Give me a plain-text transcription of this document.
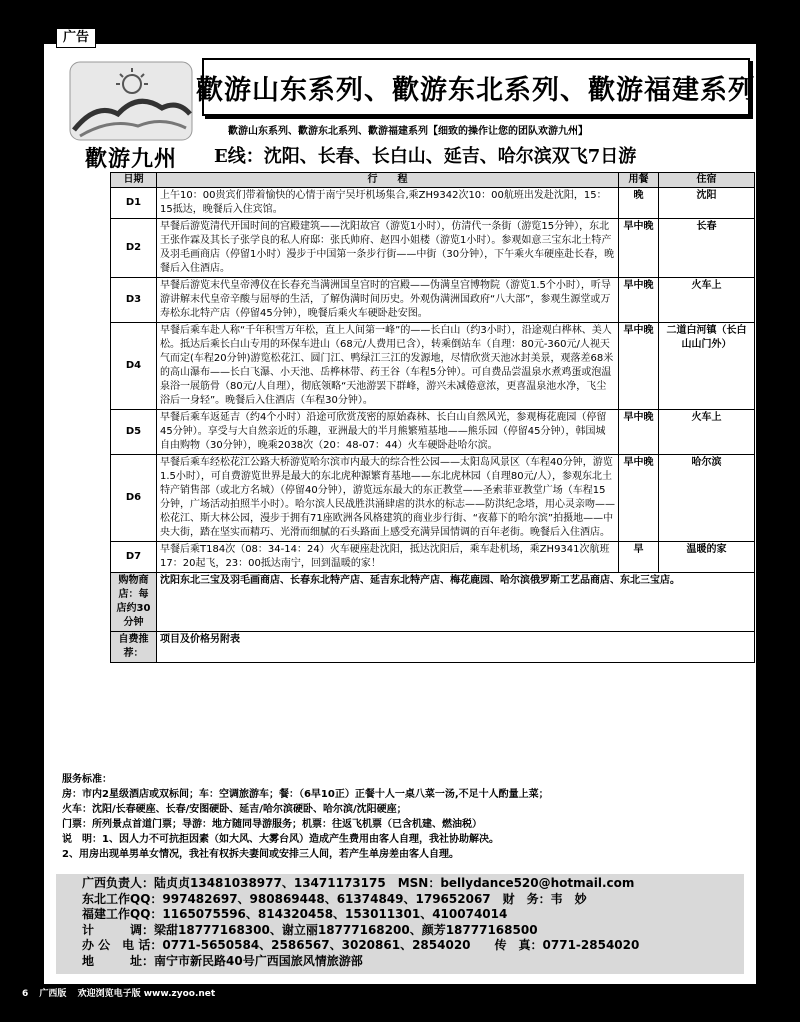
歡游九州
歡游山东系列、歡游东北系列、歡游福建系列
歡游山东系列、歡游东北系列、歡游福建系列【细致的操作让您的团队欢游九州】
E线：沈阳、长春、长白山、延吉、哈尔滨双飞7日游
日期	行　　程	用餐	住宿
D1	上午10：00贵宾们带着愉快的心情于南宁吴圩机场集合,乘ZH9342次10：00航班出发赴沈阳，15：15抵达，晚餐后入住宾馆。	晚	沈阳
D2	早餐后游览清代开国时间的宫殿建筑——沈阳故宫（游览1小时），仿清代一条街（游览15分钟），东北王张作霖及其长子张学良的私人府邸：张氏帅府、赵四小姐楼（游览1小时）。参观如意三宝东北土特产及羽毛画商店（停留1小时）漫步于中国第一条步行街——中街（30分钟），下午乘火车硬座赴长春，晚餐后入住酒店。	早中晚	长春
D3	早餐后游览末代皇帝溥仪在长春充当满洲国皇宫时的宫殿——伪满皇宫博物院（游览1.5个小时），听导游讲解末代皇帝辛酸与屈辱的生活，了解伪满时间历史。外观伪满洲国政府“八大部”，参观生源堂或万寿松东北特产店（停留45分钟），晚餐后乘火车硬卧赴安图。	早中晚	火车上
D4	早餐后乘车赴人称“千年积雪万年松，直上人间第一峰”的——长白山（约3小时），沿途观白桦林、美人松。抵达后乘长白山专用的环保车进山（68元/人费用已含），转乘倒站车（自理：80元-360元/人视天气而定(车程20分钟)游览松花江、圆门江、鸭绿江三江的发源地，尽情欣赏天池冰封美景，观落差68米的高山瀑布——长白飞瀑、小天池、岳桦林带、药王谷（车程5分钟）。可自费品尝温泉水煮鸡蛋或泡温泉浴一展筋骨（80元/人自理），彻底领略“天池游罢下群峰，游兴未减倦意浓，更喜温泉池水净，飞尘浴后一身轻”。晚餐后入住酒店（车程30分钟）。	早中晚	二道白河镇（长白山山门外）
D5	早餐后乘车返延吉（约4个小时）沿途可欣赏茂密的原始森林、长白山自然风光，参观梅花鹿园（停留45分钟）。享受与大自然亲近的乐趣，亚洲最大的半月熊繁殖基地——熊乐园（停留45分钟），韩国城自由购物（30分钟），晚乘2038次（20：48-07：44）火车硬卧赴哈尔滨。	早中晚	火车上
D6	早餐后乘车经松花江公路大桥游览哈尔滨市内最大的综合性公园——太阳岛风景区（车程40分钟，游览1.5小时），可自费游览世界是最大的东北虎种源繁育基地——东北虎林园（自理80元/人），参观东北土特产销售部（或北方名城）（停留40分钟），游览远东最大的东正教堂——圣索菲亚教堂广场（车程15分钟，广场活动拍照半小时）。哈尔滨人民战胜洪涌肆虐的洪水的标志——防洪纪念塔，用心灵亲吻——松花江、斯大林公园，漫步于拥有71座欧洲各风格建筑的商业步行街、“夜幕下的哈尔滨”拍摄地——中央大街，踏在坚实而精巧、光滑而细腻的石头路面上感受充满异国情调的百年老街。晚餐后入住酒店。	早中晚	哈尔滨
D7	早餐后乘T184次（08：34-14：24）火车硬座赴沈阳，抵达沈阳后，乘车赴机场，乘ZH9341次航班17：20起飞，23：00抵达南宁，回到温暖的家！	早	温暖的家
购物商店：每店约30分钟	沈阳东北三宝及羽毛画商店、长春东北特产店、延吉东北特产店、梅花鹿园、哈尔滨俄罗斯工艺品商店、东北三宝店。		
自费推荐：	项目及价格另附表		
服务标准：
房：市内2星级酒店或双标间；车：空调旅游车；餐：（6早10正）正餐十人一桌八菜一汤,不足十人酌量上菜；
火车：沈阳/长春硬座、长春/安图硬卧、延吉/哈尔滨硬卧、哈尔滨/沈阳硬座；
门票：所列景点首道门票；导游：地方随同导游服务；机票：往返飞机票（已含机建、燃油税）
说　明：1、因人力不可抗拒因素（如大风、大雾台风）造成产生费用由客人自理，我社协助解决。
2、用房出现单男单女情况，我社有权拆夫妻间或安排三人间，若产生单房差由客人自理。
广西负责人：陆贞贞13481038977、13471173175　MSN：bellydance520@hotmail.com
东北工作QQ：997482697、980869448、61374849、179652067　财　务：韦　妙
福建工作QQ：1165075596、814320458、153011301、410074014
计　　　调：梁甜18777168300、谢立丽18777168200、颜芳18777168500
办 公　电 话：0771-5650584、2586567、3020861、2854020　　传　真：0771-2854020
地　　　址：南宁市新民路40号广西国旅风情旅游部
广告
6 广西版 欢迎浏览电子版 www.zyoo.net
